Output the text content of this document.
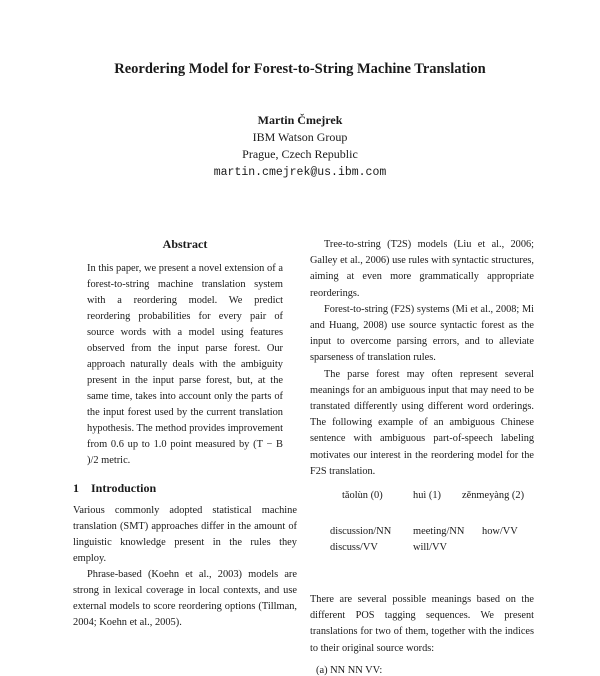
Reordering Model for Forest-to-String Machine Translation
Martin Čmejrek
IBM Watson Group
Prague, Czech Republic
martin.cmejrek@us.ibm.com
Abstract
In this paper, we present a novel extension of a forest-to-string machine translation system with a reordering model. We predict reordering probabilities for every pair of source words with a model using features observed from the input parse forest. Our approach naturally deals with the ambiguity present in the input parse forest, but, at the same time, takes into account only the parts of the input forest used by the current translation hypothesis. The method provides improvement from 0.6 up to 1.0 point measured by (T − B )/2 metric.
1 Introduction

Various commonly adopted statistical machine translation (SMT) approaches differ in the amount of linguistic knowledge present in the rules they employ.

Phrase-based (Koehn et al., 2003) models are strong in lexical coverage in local contexts, and use external models to score reordering options (Tillman, 2004; Koehn et al., 2005).

Tree-to-string (T2S) models (Liu et al., 2006; Galley et al., 2006) use rules with syntactic structures, aiming at even more grammatically appropriate reorderings.

Forest-to-string (F2S) systems (Mi et al., 2008; Mi and Huang, 2008) use source syntactic forest as the input to overcome parsing errors, and to alleviate sparseness of translation rules.

The parse forest may often represent several meanings for an ambiguous input that may need to be transtated differently using different word orderings. The following example of an ambiguous Chinese sentence with ambiguous part-of-speech labeling motivates our interest in the reordering model for the F2S translation.

tǎolùn (0)	huì (1) zěnmeyàng (2)
discussion/NN meeting/NN how/VV
discuss/VV	will/VV

There are several possible meanings based on the different POS tagging sequences. We present translations for two of them, together with the indices to their original source words:

(a) NN NN VV:
